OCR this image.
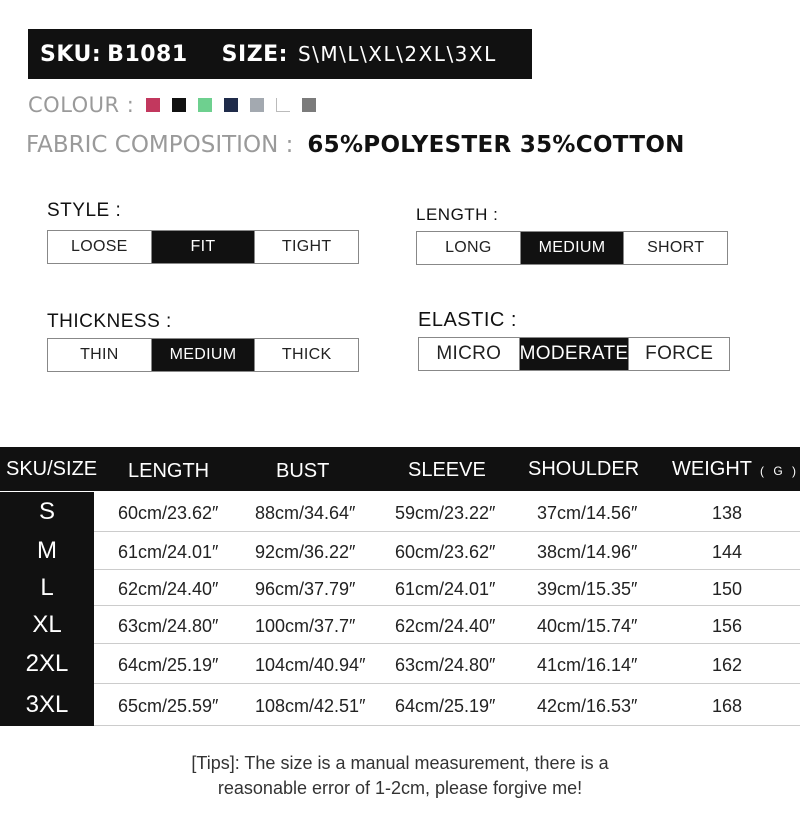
SKU: B1081 SIZE: S\M\L\XL\2XL\3XL
COLOUR :
FABRIC COMPOSITION : 65%POLYESTER 35%COTTON
STYLE :
LOOSE	FIT	TIGHT
LENGTH :
LONG	MEDIUM	SHORT
THICKNESS :
THIN	MEDIUM	THICK
ELASTIC :
MICRO MODERATE FORCE
SKU/SIZE LENGTH	BUST	SLEEVE SHOULDER WEIGHT ( G )
S	60cm/23.62″ 88cm/34.64″ 59cm/23.22″ 37cm/14.56″	138
M	61cm/24.01″ 92cm/36.22″ 60cm/23.62″ 38cm/14.96″	144
L	62cm/24.40″ 96cm/37.79″ 61cm/24.01″ 39cm/15.35″	150
XL	63cm/24.80″ 100cm/37.7″ 62cm/24.40″ 40cm/15.74″	156
2XL	64cm/25.19″ 104cm/40.94″ 63cm/24.80″ 41cm/16.14″	162
3XL	65cm/25.59″ 108cm/42.51″ 64cm/25.19″ 42cm/16.53″	168
[Tips]: The size is a manual measurement, there is a
reasonable error of 1-2cm, please forgive me!
